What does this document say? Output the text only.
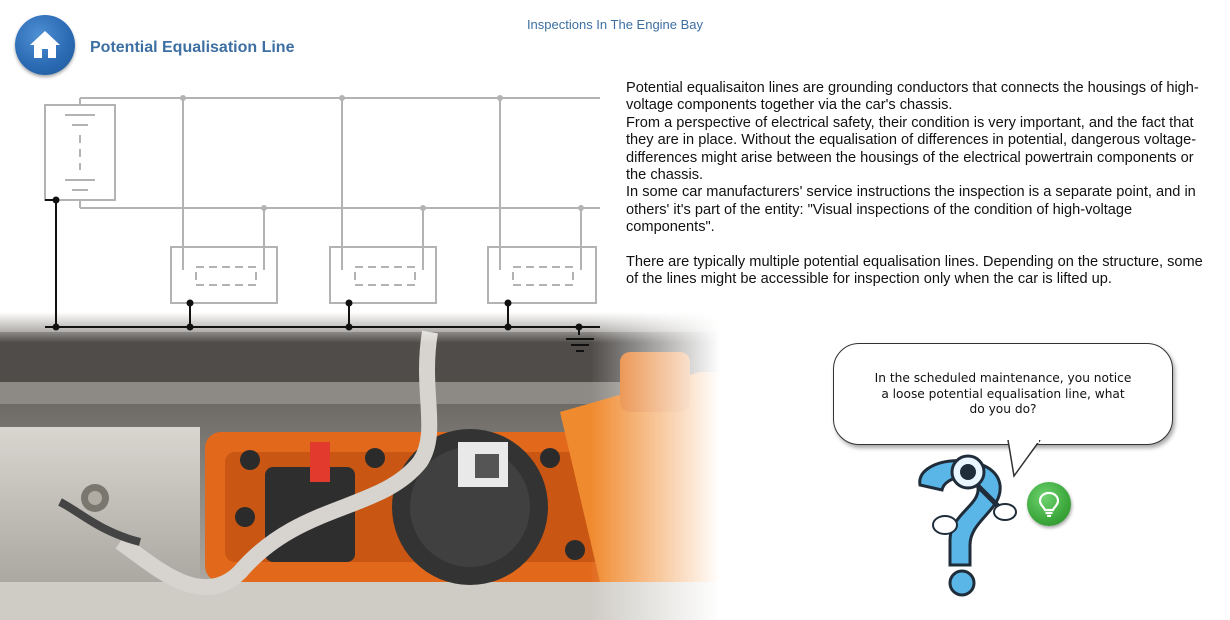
Inspections In The Engine Bay
Potential Equalisation Line

Potential equalisaiton lines are grounding conductors that connects the housings of high-voltage components together via the car's chassis.

From a perspective of electrical safety, their condition is very important, and the fact that they are in place. Without the equalisation of differences in potential, dangerous voltage-differences might arise between the housings of the electrical powertrain components or the chassis.

In some car manufacturers' service instructions the inspection is a separate point, and in others' it's part of the entity: "Visual inspections of the condition of high-voltage components".

There are typically multiple potential equalisation lines. Depending on the structure, some of the lines might be accessible for inspection only when the car is lifted up.

In the scheduled maintenance, you notice a loose potential equalisation line, what do you do?
